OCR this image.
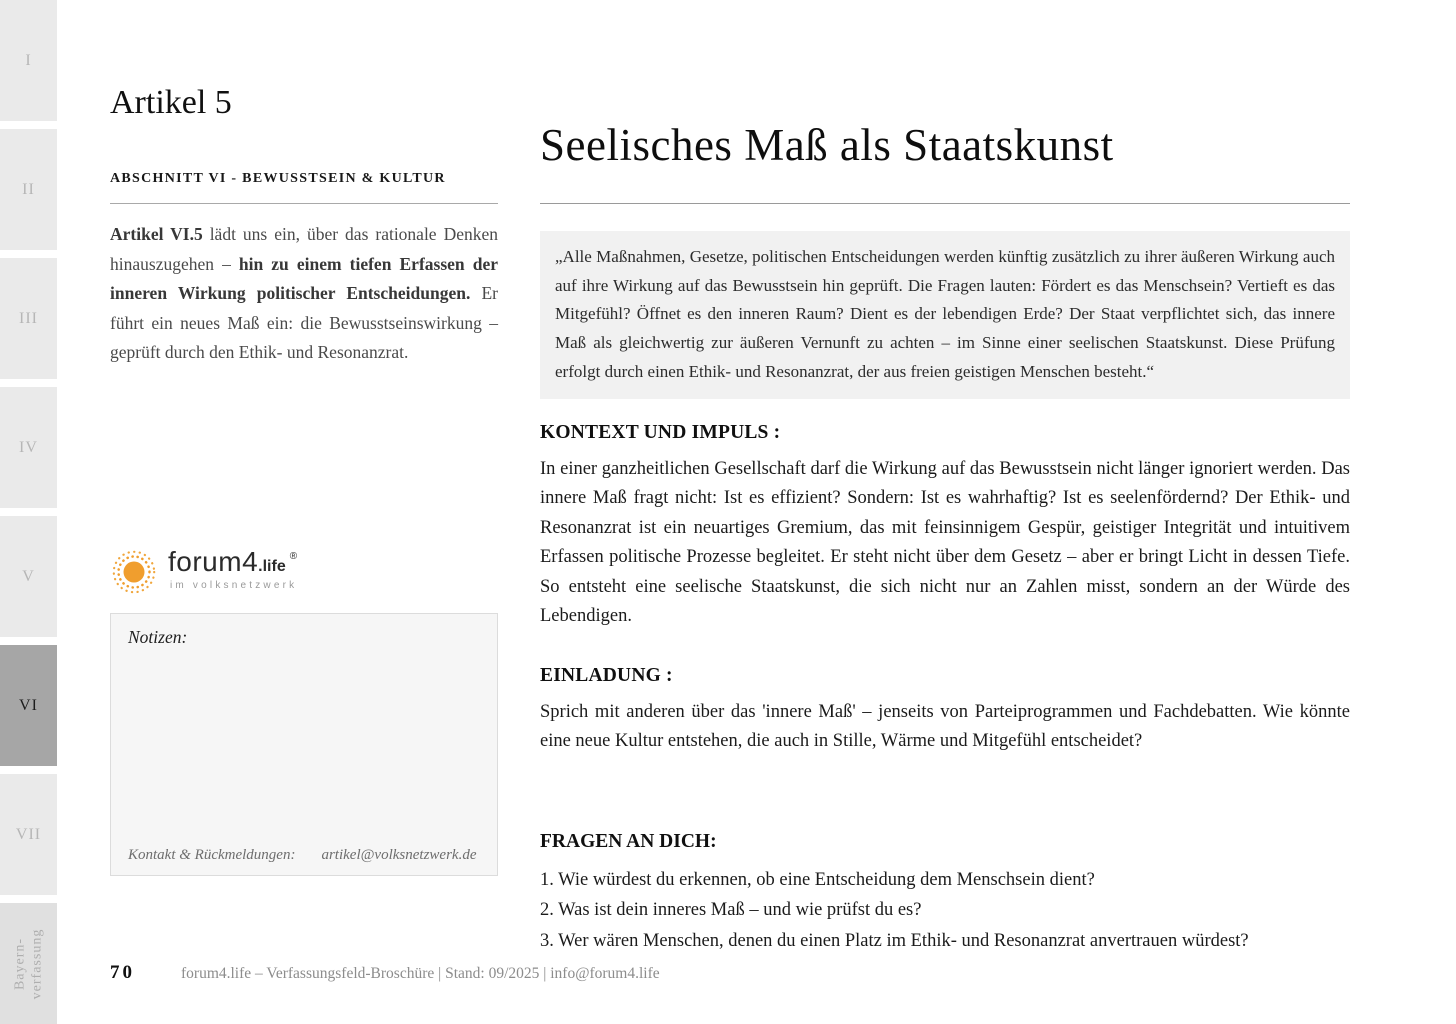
I
II
III
IV
V
VI
VII
Bayern- verfassung
Artikel 5
ABSCHNITT VI - BEWUSSTSEIN & KULTUR

Artikel VI.5 lädt uns ein, über das rationale Denken hinauszugehen – hin zu einem tiefen Erfassen der inneren Wirkung politischer Entscheidungen. Er führt ein neues Maß ein: die Bewusstseinswirkung – geprüft durch den Ethik- und Resonanzrat.

forum4 .life
®
im volksnetzwerk
Notizen:
Kontakt & Rückmeldungen: artikel@volksnetzwerk.de
Seelisches Maß als Staatskunst
„Alle Maßnahmen, Gesetze, politischen Entscheidungen werden künftig zusätzlich zu ihrer äußeren Wirkung auch auf ihre Wirkung auf das Bewusstsein hin geprüft. Die Fragen lauten: Fördert es das Menschsein? Vertieft es das Mitgefühl? Öffnet es den inneren Raum? Dient es der lebendigen Erde? Der Staat verpflichtet sich, das innere Maß als gleichwertig zur äußeren Vernunft zu achten – im Sinne einer seelischen Staatskunst. Diese Prüfung erfolgt durch einen Ethik- und Resonanzrat, der aus freien geistigen Menschen besteht.“
KONTEXT UND IMPULS :

In einer ganzheitlichen Gesellschaft darf die Wirkung auf das Bewusstsein nicht länger ignoriert werden. Das innere Maß fragt nicht: Ist es effizient? Sondern: Ist es wahrhaftig? Ist es seelenfördernd? Der Ethik- und Resonanzrat ist ein neuartiges Gremium, das mit feinsinnigem Gespür, geistiger Integrität und intuitivem Erfassen politische Prozesse begleitet. Er steht nicht über dem Gesetz – aber er bringt Licht in dessen Tiefe. So entsteht eine seelische Staatskunst, die sich nicht nur an Zahlen misst, sondern an der Würde des Lebendigen.

EINLADUNG :

Sprich mit anderen über das 'innere Maß' – jenseits von Parteiprogrammen und Fachdebatten. Wie könnte eine neue Kultur entstehen, die auch in Stille, Wärme und Mitgefühl entscheidet?

FRAGEN AN DICH:
1. Wie würdest du erkennen, ob eine Entscheidung dem Menschsein dient?
2. Was ist dein inneres Maß – und wie prüfst du es?
3. Wer wären Menschen, denen du einen Platz im Ethik- und Resonanzrat anvertrauen würdest?
70	forum4.life – Verfassungsfeld-Broschüre | Stand: 09/2025 | info@forum4.life
